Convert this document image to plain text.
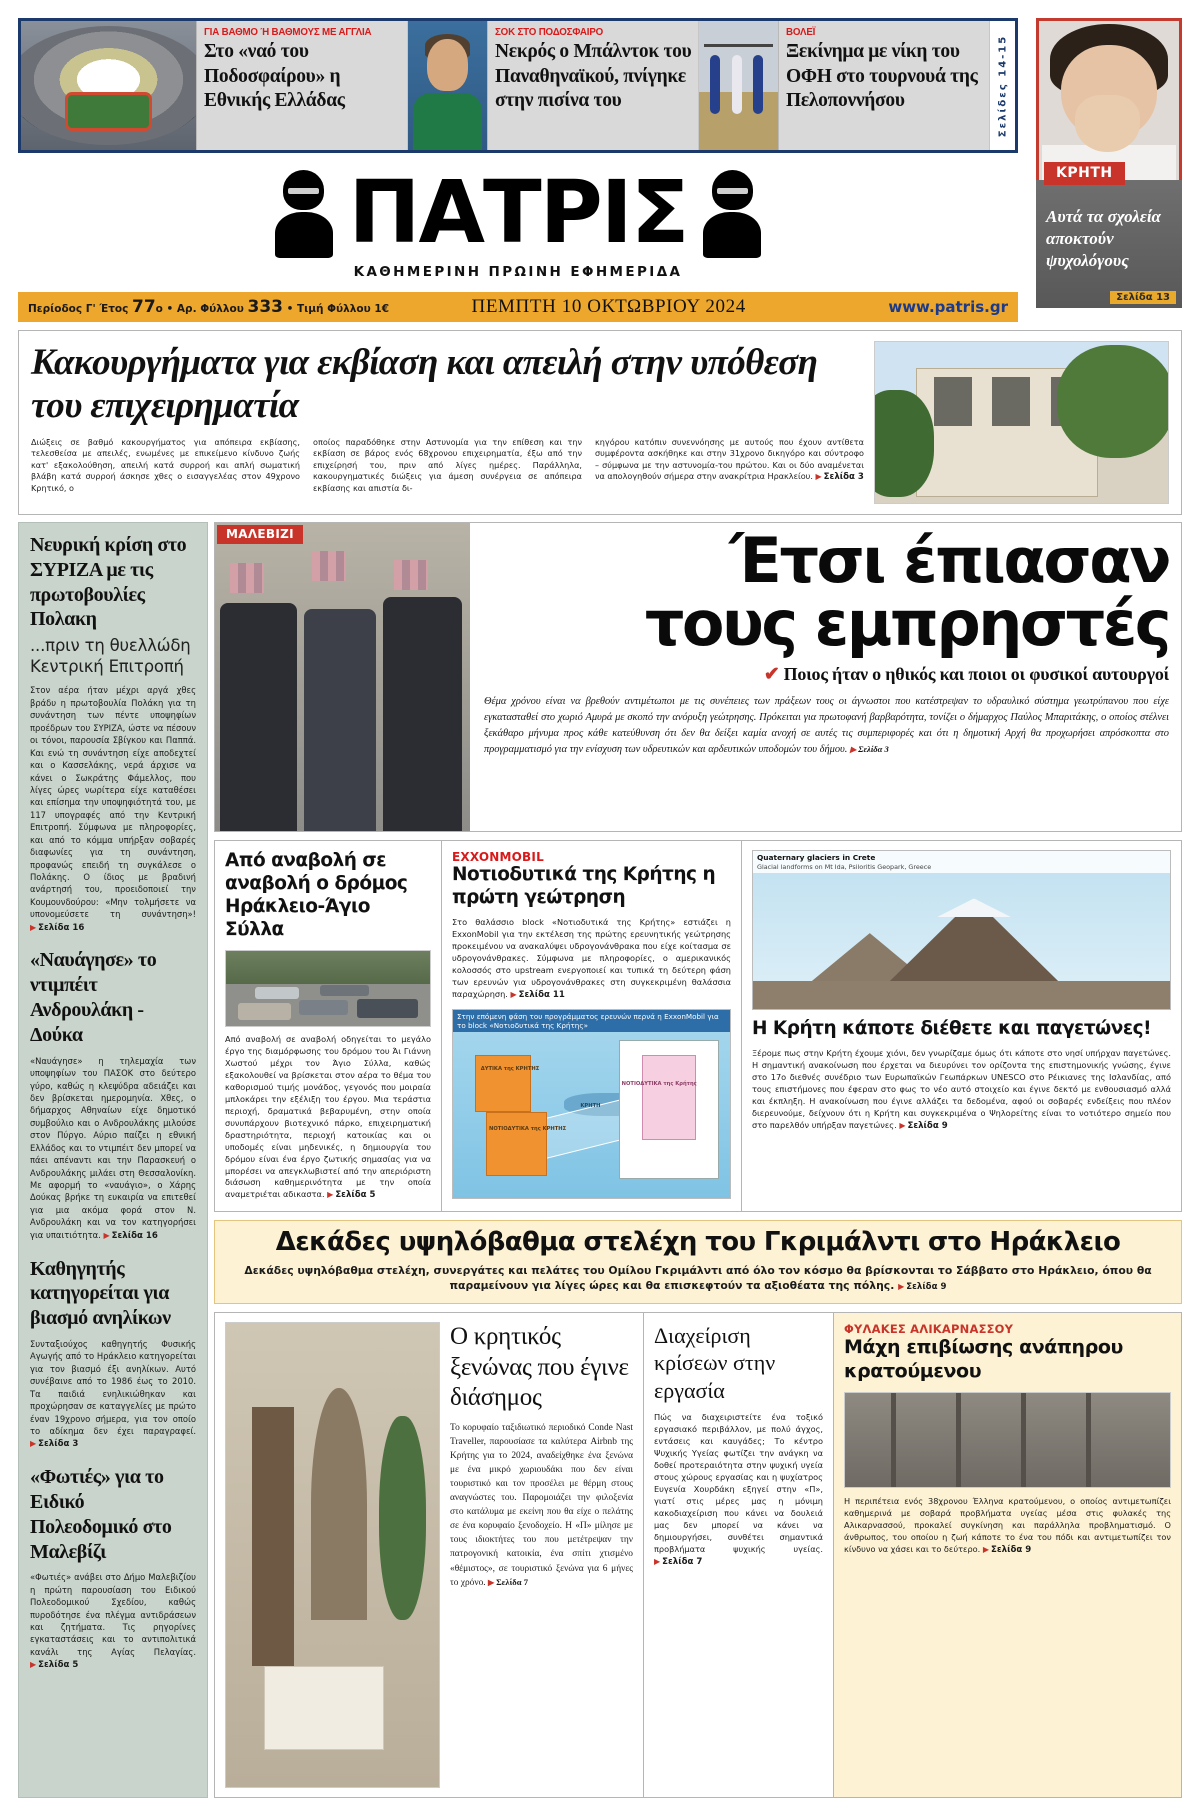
ΓΙΑ ΒΑΘΜΟ Ή ΒΑΘΜΟΥΣ ΜΕ ΑΓΓΛΙΑ
Στο «ναό του Ποδοσφαίρου» η Εθνικής Ελλάδας
ΣΟΚ ΣΤΟ ΠΟΔΟΣΦΑΙΡΟ
Νεκρός ο Μπάλντοκ του Παναθηναϊκού, πνίγηκε στην πισίνα του
ΒΟΛΕΪ
Ξεκίνημα με νίκη του ΟΦΗ στο τουρνουά της Πελοποννήσου	Σελίδες 14-15
ΚΡΗΤΗ
Αυτά τα σχολεία αποκτούν ψυχολόγους
Σελίδα 13
ΠΑΤΡΙΣ
ΚΑΘΗΜΕΡΙΝΗ ΠΡΩΙΝΗ ΕΦΗΜΕΡΙΔΑ
Περίοδος Γ' Έτος 77ο • Αρ. Φύλλου 333 • Τιμή Φύλλου 1€	ΠΕΜΠΤΗ 10 ΟΚΤΩΒΡΙΟΥ 2024	www.patris.gr
Κακουργήματα για εκβίαση και απειλή στην υπόθεση του επιχειρηματία

Διώξεις σε βαθμό κακουργήματος για απόπειρα εκβίασης, τελεσθείσα με απειλές, ενωμένες με επικείμενο κίνδυνο ζωής κατ' εξακολούθηση, απειλή κατά συρροή και απλή σωματική βλάβη κατά συρροή άσκησε χθες ο εισαγγελέας στον 49χρονο Κρητικό, ο

οποίος παραδόθηκε στην Αστυνομία για την επίθεση και την εκβίαση σε βάρος ενός 68χρονου επιχειρηματία, έξω από την επιχείρησή του, πριν από λίγες ημέρες. Παράλληλα, κακουργηματικές διώξεις για άμεση συνέργεια σε απόπειρα εκβίασης και απιστία δι-

κηγόρου κατόπιν συνεννόησης με αυτούς που έχουν αντίθετα συμφέροντα ασκήθηκε και στην 31χρονο δικηγόρο και σύντροφο – σύμφωνα με την αστυνομία-του πρώτου. Και οι δύο αναμένεται να απολογηθούν σήμερα στην ανακρίτρια Ηρακλείου. ▶ Σελίδα 3

Νευρική κρίση στο ΣΥΡΙΖΑ με τις πρωτοβουλίες Πολακη
...πριν τη θυελλώδη Κεντρική Επιτροπή
Στον αέρα ήταν μέχρι αργά χθες βράδυ η πρωτοβουλία Πολάκη για τη συνάντηση των πέντε υποψηφίων προέδρων του ΣΥΡΙΖΑ, ώστε να πέσουν οι τόνοι, παρουσία Σβίγκου και Παππά. Και ενώ τη συνάντηση είχε αποδεχτεί και ο Κασσελάκης, νερά άρχισε να κάνει ο Σωκράτης Φάμελλος, που λίγες ώρες νωρίτερα είχε καταθέσει και επίσημα την υποψηφιότητά του, με 117 υπογραφές από την Κεντρική Επιτροπή. Σύμφωνα με πληροφορίες, και από το κόμμα υπήρξαν σοβαρές διαφωνίες για τη συνάντηση, προφανώς επειδή τη συγκάλεσε ο Πολάκης. Ο ίδιος με βραδινή ανάρτησή του, προειδοποιεί την Κουμουνδούρου: «Μην τολμήσετε να υπονομεύσετε τη συνάντηση»! ▶ Σελίδα 16
«Ναυάγησε» το ντιμπέιτ Ανδρουλάκη - Δούκα
«Ναυάγησε» η τηλεμαχία των υποψηφίων του ΠΑΣΟΚ στο δεύτερο γύρο, καθώς η κλεψύδρα αδειάζει και δεν βρίσκεται ημερομηνία. Χθες, ο δήμαρχος Αθηναίων είχε δημοτικό συμβούλιο και ο Ανδρουλάκης μιλούσε στον Πύργο. Αύριο παίζει η εθνική Ελλάδος και το ντιμπέιτ δεν μπορεί να πάει απέναντι και την Παρασκευή ο Ανδρουλάκης μιλάει στη Θεσσαλονίκη. Με αφορμή το «ναυάγιο», ο Χάρης Δούκας βρήκε τη ευκαιρία να επιτεθεί για μια ακόμα φορά στον Ν. Ανδρουλάκη και να τον κατηγορήσει για υπαιτιότητα. ▶ Σελίδα 16
Καθηγητής κατηγορείται για βιασμό ανηλίκων
Συνταξιούχος καθηγητής Φυσικής Αγωγής από το Ηράκλειο κατηγορείται για τον βιασμό έξι ανηλίκων. Αυτό συνέβαινε από το 1986 έως το 2010. Τα παιδιά ενηλικιώθηκαν και προχώρησαν σε καταγγελίες με πρώτο έναν 19χρονο σήμερα, για τον οποίο το αδίκημα δεν έχει παραγραφεί. ▶ Σελίδα 3
«Φωτιές» για το Ειδικό Πολεοδομικό στο Μαλεβίζι
«Φωτιές» ανάβει στο Δήμο Μαλεβιζίου η πρώτη παρουσίαση του Ειδικού Πολεοδομικού Σχεδίου, καθώς πυροδότησε ένα πλέγμα αντιδράσεων και ζητήματα. Τις ρηγορίνες εγκαταστάσεις και το αντιπολιτικά κανάλι της Αγίας Πελαγίας. ▶ Σελίδα 5
Έτσι έπιασαν
τους εμπρηστές
✔ Ποιος ήταν ο ηθικός και ποιοι οι φυσικοί αυτουργοί
Θέμα χρόνου είναι να βρεθούν αντιμέτωποι με τις συνέπειες των πράξεων τους οι άγνωστοι που κατέστρεψαν το υδραυλικό σύστημα γεωτρύπανου που είχε εγκατασταθεί στο χωριό Αμυρά με σκοπό την ανόρυξη γεώτρησης. Πρόκειται για πρωτοφανή βαρβαρότητα, τονίζει ο δήμαρχος Παύλος Μπαριτάκης, ο οποίος στέλνει ξεκάθαρο μήνυμα προς κάθε κατεύθυνση ότι δεν θα δείξει καμία ανοχή σε αυτές τις συμπεριφορές και ότι η δημοτική Αρχή θα προχωρήσει απρόσκοπτα στο προγραμματισμό για την ενίσχυση των υδρευτικών και αρδευτικών υποδομών του δήμου. ▶ Σελίδα 3
ΜΑΛΕΒΙΖΙ
Από αναβολή σε αναβολή ο δρόμος Ηράκλειο-Άγιο Σύλλα
Από αναβολή σε αναβολή οδηγείται το μεγάλο έργο της διαμόρφωσης του δρόμου του Άι Γιάννη Χωστού μέχρι τον Άγιο Σύλλα, καθώς εξακολουθεί να βρίσκεται στον αέρα το θέμα του καθορισμού τιμής μονάδος, γεγονός που μοιραία μπλοκάρει την εξέλιξη του έργου. Μια τεράστια περιοχή, δραματικά βεβαρυμένη, στην οποία συνυπάρχουν βιοτεχνικό πάρκο, επιχειρηματική δραστηριότητα, περιοχή κατοικίας και οι υποδομές είναι μηδενικές, η δημιουργία του δρόμου είναι ένα έργο ζωτικής σημασίας για να μπορέσει να απεγκλωβιστεί από την απεριόριστη διάσωση καθημερινότητα με την οποία αναμετριέται αδικαστα. ▶ Σελίδα 5
EXXONMOBIL
Νοτιοδυτικά της Κρήτης η πρώτη γεώτρηση
Στο θαλάσσιο block «Νοτιοδυτικά της Κρήτης» εστιάζει η ExxonMobil για την εκτέλεση της πρώτης ερευνητικής γεώτρησης προκειμένου να ανακαλύψει υδρογονάνθρακα που είχε κοίτασμα σε υδρογονάνθρακες. Σύμφωνα με πληροφορίες, ο αμερικανικός κολοσσός στο upstream ενεργοποιεί και τυπικά τη δεύτερη φάση των ερευνών για υδρογονάνθρακες στη συγκεκριμένη θαλάσσια παραχώρηση. ▶ Σελίδα 11
Στην επόμενη φάση του προγράμματος ερευνών περνά η ExxonMobil για το block «Νοτιοδυτικά της Κρήτης»
ΔΥΤΙΚΑ της ΚΡΗΤΗΣ
ΝΟΤΙΟΔΥΤΙΚΑ της ΚΡΗΤΗΣ
ΝΟΤΙΟΔΥΤΙΚΑ της Κρήτης
ΚΡΗΤΗ
Quaternary glaciers in Crete
Glacial landforms on Mt Ida, Psiloritis Geopark, Greece
Η Κρήτη κάποτε διέθετε και παγετώνες!
Ξέρομε πως στην Κρήτη έχουμε χιόνι, δεν γνωρίζαμε όμως ότι κάποτε στο νησί υπήρχαν παγετώνες. Η σημαντική ανακοίνωση που έρχεται να διευρύνει τον ορίζοντα της επιστημονικής γνώσης, έγινε στο 17ο διεθνές συνέδριο των Ευρωπαϊκών Γεωπάρκων UNESCO στο Ρέικιανες της Ισλανδίας, από τους επιστήμονες που έφεραν στο φως το νέο αυτό στοιχείο και έγινε δεκτό με ενθουσιασμό αλλά και έκπληξη. Η ανακοίνωση που έγινε αλλάζει τα δεδομένα, αφού οι σοβαρές ενδείξεις που πλέον διερευνούμε, δείχνουν ότι η Κρήτη και συγκεκριμένα ο Ψηλορείτης είναι το νοτιότερο σημείο που στο παρελθόν υπήρξαν παγετώνες. ▶ Σελίδα 9
Δεκάδες υψηλόβαθμα στελέχη του Γκριμάλντι στο Ηράκλειο
Δεκάδες υψηλόβαθμα στελέχη, συνεργάτες και πελάτες του Ομίλου Γκριμάλντι από όλο τον κόσμο θα βρίσκονται το Σάββατο στο Ηράκλειο, όπου θα παραμείνουν για λίγες ώρες και θα επισκεφτούν τα αξιοθέατα της πόλης. ▶ Σελίδα 9
Ο κρητικός ξενώνας που έγινε διάσημος
Το κορυφαίο ταξιδιωτικό περιοδικό Conde Nast Traveller, παρουσίασε τα καλύτερα Airbnb της Κρήτης για το 2024, αναδείχθηκε ένα ξενώνα με ένα μικρό χωριουδάκι που δεν είναι τουριστικό και τον προσέλει με θέρμη στους αναγνώστες του. Παρομοιάζει την φιλοξενία στο κατάλυμα με εκείνη που θα είχε ο πελάτης σε ένα κορυφαίο ξενοδοχείο. Η «Π» μίλησε με τους ιδιοκτήτες του που μετέτρεψαν την πατρογονική κατοικία, ένα σπίτι χτισμένο «θέμιστος», σε τουριστικό ξενώνα για 6 μήνες το χρόνο. ▶ Σελίδα 7
Διαχείριση κρίσεων στην εργασία
Πώς να διαχειριστείτε ένα τοξικό εργασιακό περιβάλλον, με πολύ άγχος, εντάσεις και καυγάδες; Το κέντρο Ψυχικής Υγείας φωτίζει την ανάγκη να δοθεί προτεραιότητα στην ψυχική υγεία στους χώρους εργασίας και η ψυχίατρος Ευγενία Χουρδάκη εξηγεί στην «Π», γιατί στις μέρες μας η μόνιμη κακοδιαχείριση που κάνει να δουλειά μας δεν μπορεί να κάνει να δημιουργήσει, συνθέτει σημαντικά προβλήματα ψυχικής υγείας. ▶ Σελίδα 7
ΦΥΛΑΚΕΣ ΑΛΙΚΑΡΝΑΣΣΟΥ
Μάχη επιβίωσης ανάπηρου κρατούμενου
Η περιπέτεια ενός 38χρονου Έλληνα κρατούμενου, ο οποίος αντιμετωπίζει καθημερινά με σοβαρά προβλήματα υγείας μέσα στις φυλακές της Αλικαρνασσού, προκαλεί συγκίνηση και παράλληλα προβληματισμό. Ο άνθρωπος, του οποίου η ζωή κάποτε το ένα του πόδι και αντιμετωπίζει τον κίνδυνο να χάσει και το δεύτερο. ▶ Σελίδα 9
